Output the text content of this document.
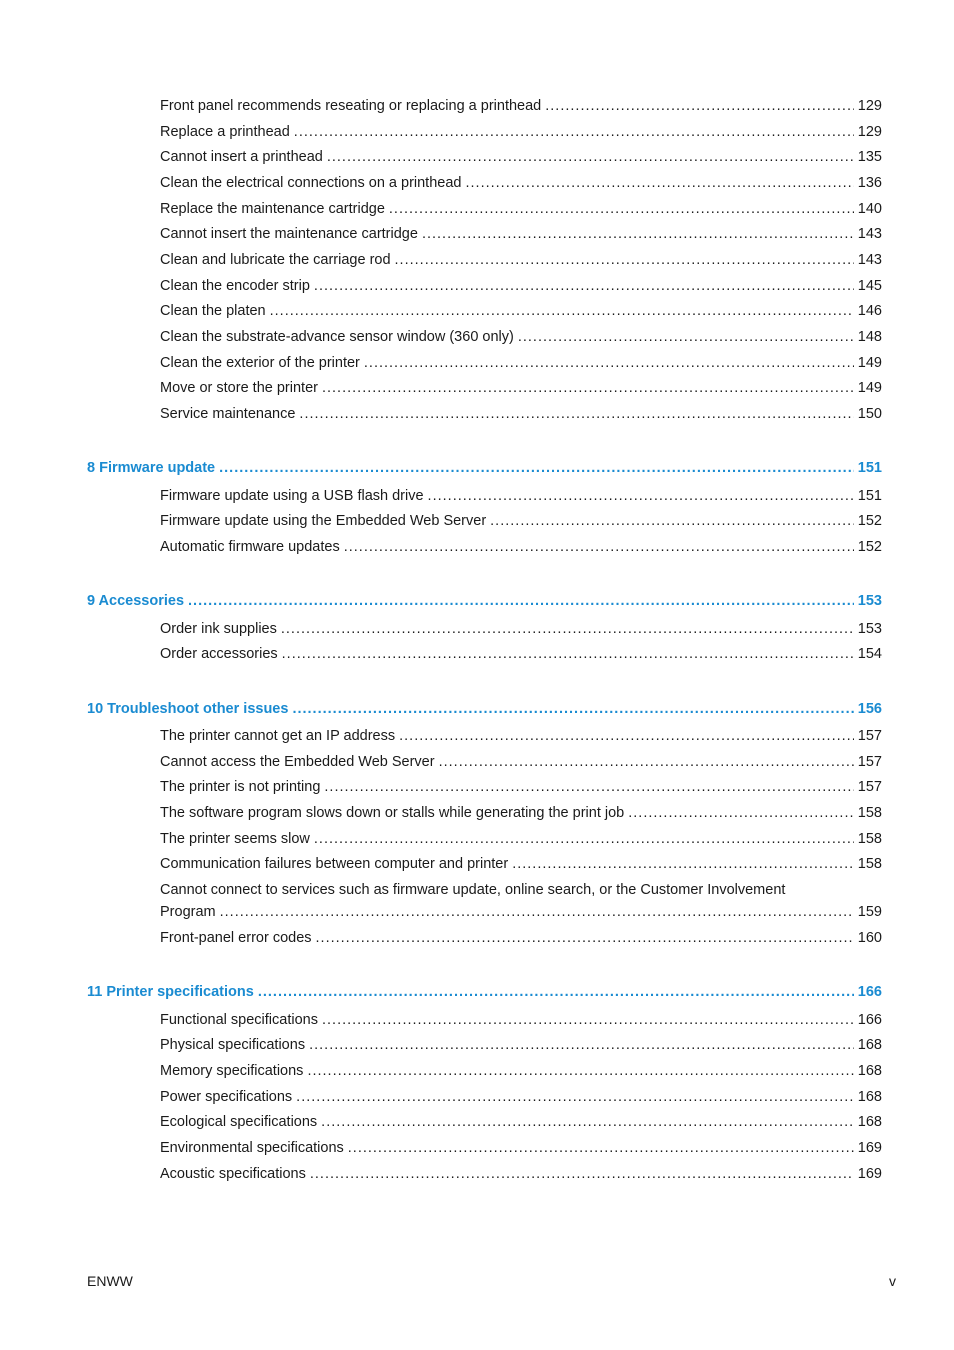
Front panel recommends reseating or replacing a printhead .....	129
Replace a printhead .....	129
Cannot insert a printhead .....	135
Clean the electrical connections on a printhead .....	136
Replace the maintenance cartridge .....	140
Cannot insert the maintenance cartridge .....	143
Clean and lubricate the carriage rod .....	143
Clean the encoder strip .....	145
Clean the platen .....	146
Clean the substrate-advance sensor window (360 only) .....	148
Clean the exterior of the printer .....	149
Move or store the printer .....	149
Service maintenance .....	150
8 Firmware update .....	151
Firmware update using a USB flash drive .....	151
Firmware update using the Embedded Web Server .....	152
Automatic firmware updates .....	152
9 Accessories .....	153
Order ink supplies .....	153
Order accessories .....	154
10 Troubleshoot other issues .....	156
The printer cannot get an IP address .....	157
Cannot access the Embedded Web Server .....	157
The printer is not printing .....	157
The software program slows down or stalls while generating the print job .....	158
The printer seems slow .....	158
Communication failures between computer and printer .....	158
Cannot connect to services such as firmware update, online search, or the Customer Involvement
Program .....	159
Front-panel error codes .....	160
11 Printer specifications .....	166
Functional specifications .....	166
Physical specifications .....	168
Memory specifications .....	168
Power specifications .....	168
Ecological specifications .....	168
Environmental specifications .....	169
Acoustic specifications .....	169
ENWW	v
